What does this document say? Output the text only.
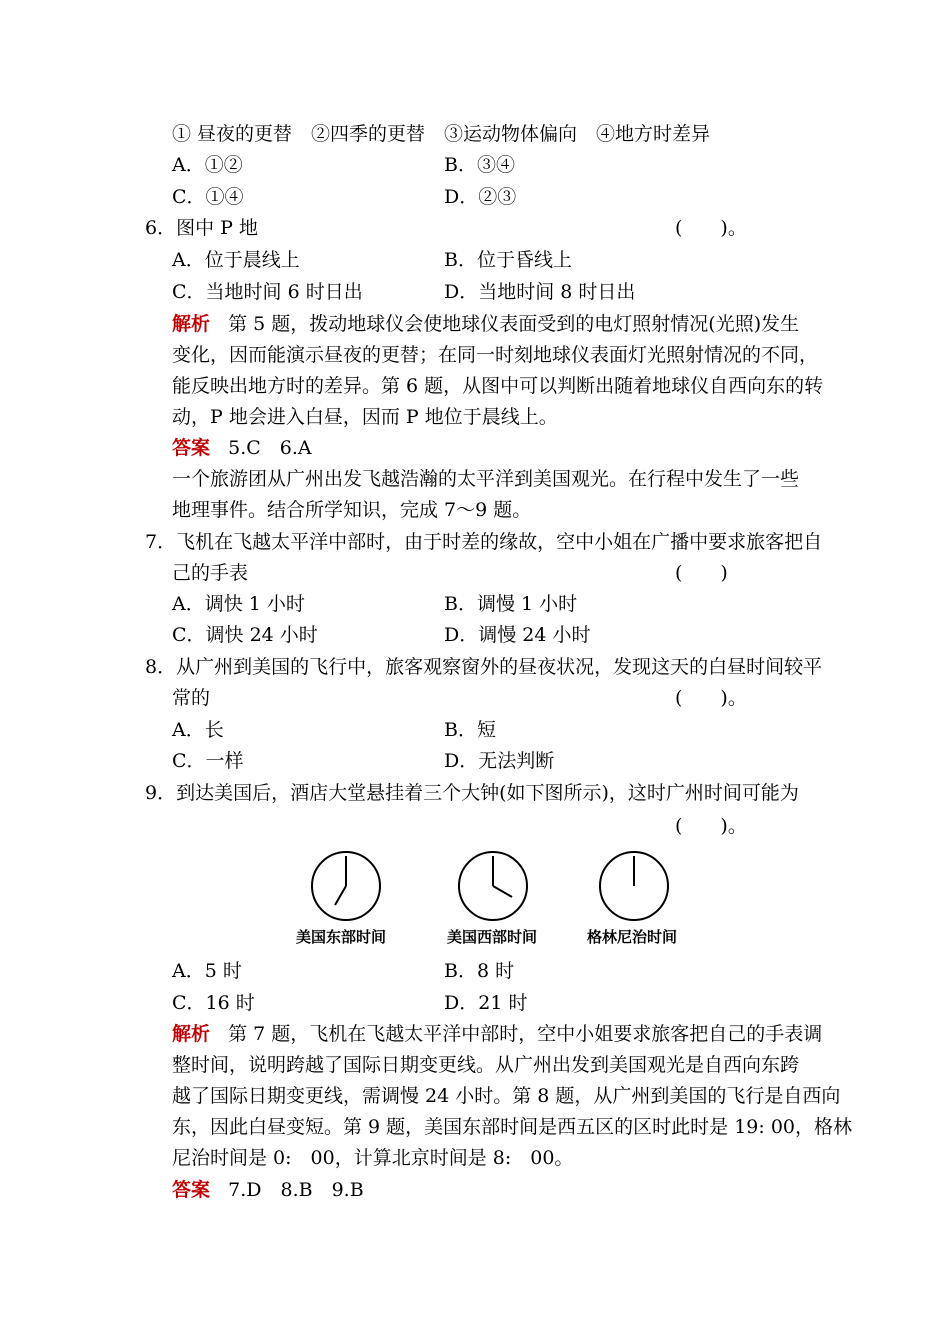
① 昼夜的更替　②四季的更替　③运动物体偏向　④地方时差异
A．①②	B．③④
C．①④	D．②③
6．图中 P 地	(　　)。
A．位于晨线上	B．位于昏线上
C．当地时间 6 时日出	D．当地时间 8 时日出
解析 第 5 题，拨动地球仪会使地球仪表面受到的电灯照射情况(光照)发生
变化，因而能演示昼夜的更替；在同一时刻地球仪表面灯光照射情况的不同，
能反映出地方时的差异。第 6 题，从图中可以判断出随着地球仪自西向东的转
动，P 地会进入白昼，因而 P 地位于晨线上。
答案 5.C　6.A
一个旅游团从广州出发飞越浩瀚的太平洋到美国观光。在行程中发生了一些
地理事件。结合所学知识，完成 7～9 题。
7．飞机在飞越太平洋中部时，由于时差的缘故，空中小姐在广播中要求旅客把自
己的手表	(　　)
A．调快 1 小时	B．调慢 1 小时
C．调快 24 小时	D．调慢 24 小时
8．从广州到美国的飞行中，旅客观察窗外的昼夜状况，发现这天的白昼时间较平
常的	(　　)。
A．长	B．短
C．一样	D．无法判断
9．到达美国后，酒店大堂悬挂着三个大钟(如下图所示)，这时广州时间可能为
(　　)。
美国东部时间	美国西部时间	格林尼治时间
A．5 时	B．8 时
C．16 时	D．21 时
解析 第 7 题，飞机在飞越太平洋中部时，空中小姐要求旅客把自己的手表调
整时间，说明跨越了国际日期变更线。从广州出发到美国观光是自西向东跨
越了国际日期变更线，需调慢 24 小时。第 8 题，从广州到美国的飞行是自西向
东，因此白昼变短。第 9 题，美国东部时间是西五区的区时此时是 19: 00，格林
尼治时间是 0:　00，计算北京时间是 8:　00。
答案 7.D　8.B　9.B
